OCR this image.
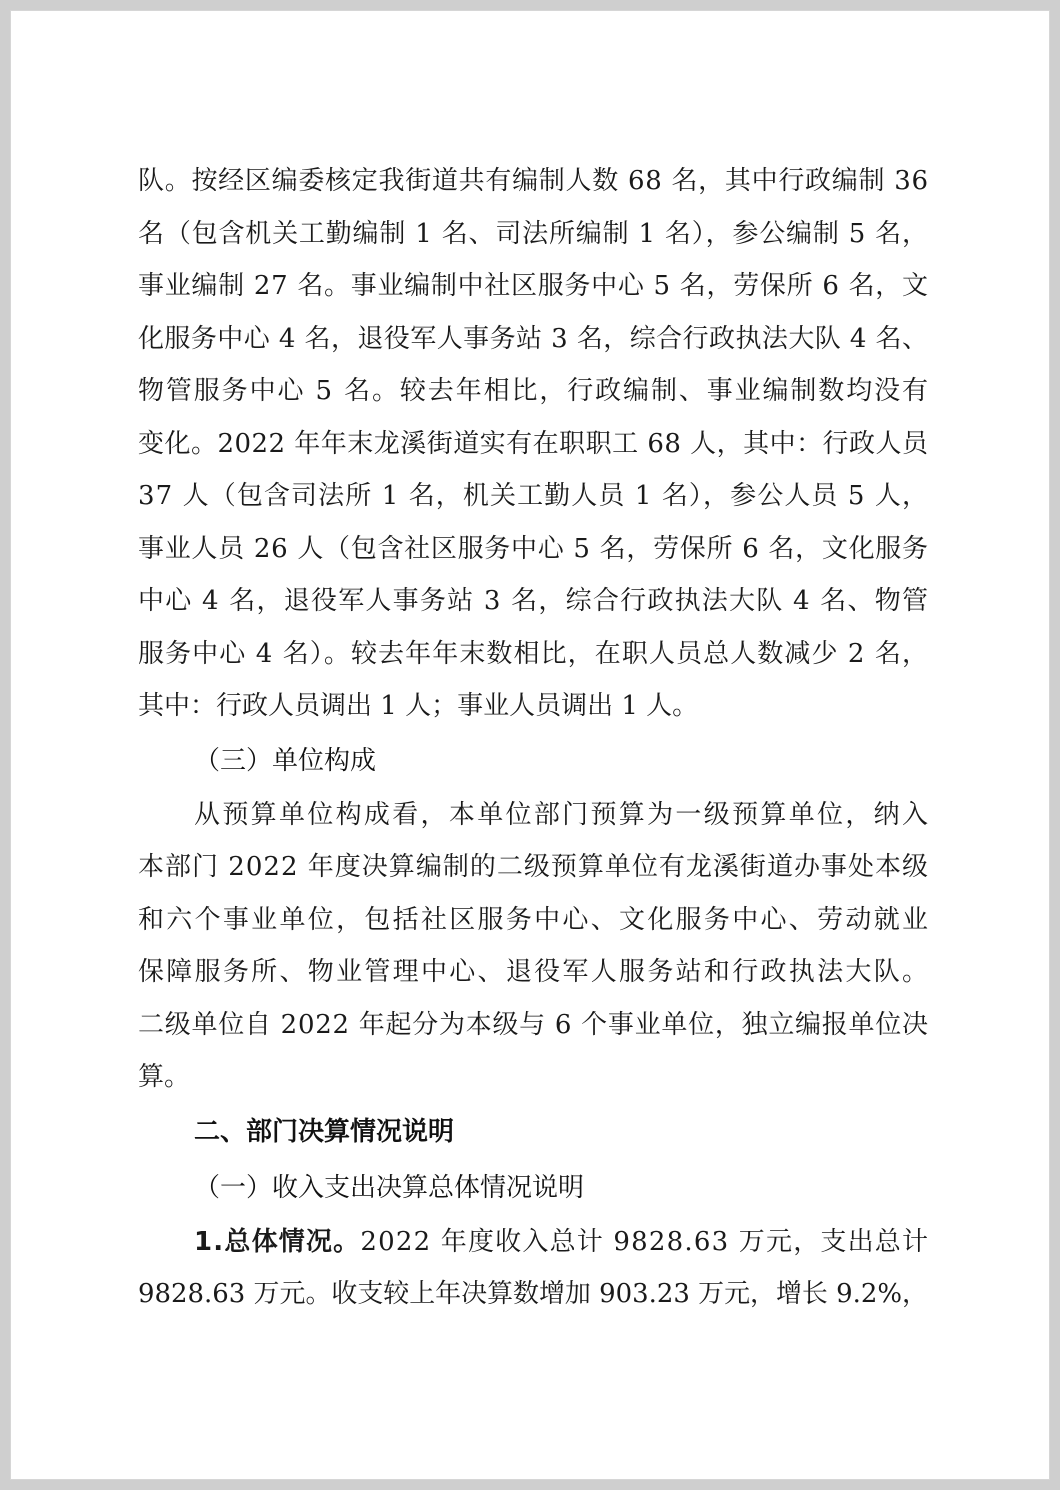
队。按经区编委核定我街道共有编制人数 68 名，其中行政编制 36
名（包含机关工勤编制 1 名、司法所编制 1 名），参公编制 5 名，
事业编制 27 名。事业编制中社区服务中心 5 名，劳保所 6 名，文
化服务中心 4 名，退役军人事务站 3 名，综合行政执法大队 4 名、
物管服务中心 5 名。较去年相比，行政编制、事业编制数均没有
变化。2022 年年末龙溪街道实有在职职工 68 人，其中：行政人员
37 人（包含司法所 1 名，机关工勤人员 1 名），参公人员 5 人，
事业人员 26 人（包含社区服务中心 5 名，劳保所 6 名，文化服务
中心 4 名，退役军人事务站 3 名，综合行政执法大队 4 名、物管
服务中心 4 名）。较去年年末数相比，在职人员总人数减少 2 名，
其中：行政人员调出 1 人；事业人员调出 1 人。
（三）单位构成
从预算单位构成看，本单位部门预算为一级预算单位，纳入
本部门 2022 年度决算编制的二级预算单位有龙溪街道办事处本级
和六个事业单位，包括社区服务中心、文化服务中心、劳动就业
保障服务所、物业管理中心、退役军人服务站和行政执法大队。
二级单位自 2022 年起分为本级与 6 个事业单位，独立编报单位决
算。
二、部门决算情况说明
（一）收入支出决算总体情况说明
1.总体情况。2022 年度收入总计 9828.63 万元，支出总计
9828.63 万元。收支较上年决算数增加 903.23 万元，增长 9.2%，
